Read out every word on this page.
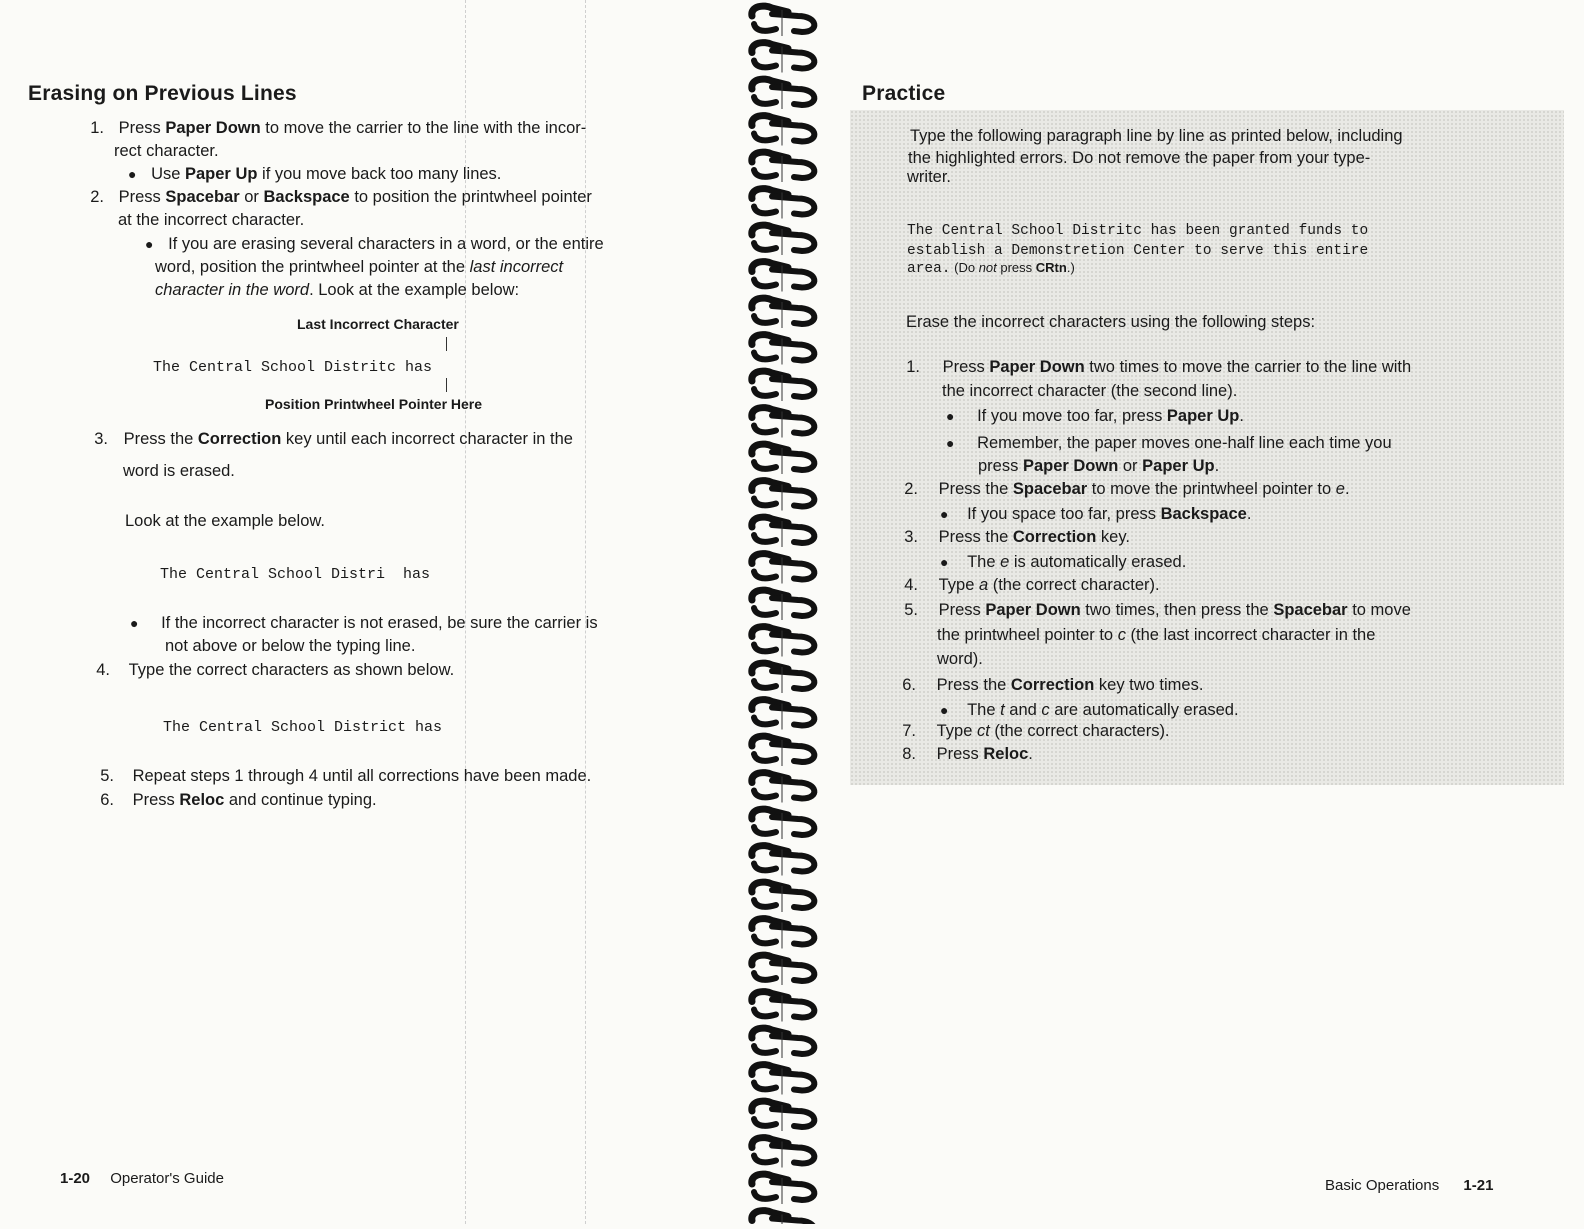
Erasing on Previous Lines
1. Press Paper Down to move the carrier to the line with the incor-
rect character.
● Use Paper Up if you move back too many lines.
2. Press Spacebar or Backspace to position the printwheel pointer
at the incorrect character.
● If you are erasing several characters in a word, or the entire
word, position the printwheel pointer at the last incorrect
character in the word. Look at the example below:
Last Incorrect Character
The Central School Distritc has
Position Printwheel Pointer Here
3. Press the Correction key until each incorrect character in the
word is erased.
Look at the example below.
The Central School Distri  has
● If the incorrect character is not erased, be sure the carrier is
not above or below the typing line.
4. Type the correct characters as shown below.
The Central School District has
5. Repeat steps 1 through 4 until all corrections have been made.
6. Press Reloc and continue typing.
1-20 Operator's Guide
Practice
Type the following paragraph line by line as printed below, including
the highlighted errors. Do not remove the paper from your type-
writer.
The Central School Distritc has been granted funds to
establish a Demonstretion Center to serve this entire
area. (Do not press CRtn.)
Erase the incorrect characters using the following steps:
1. Press Paper Down two times to move the carrier to the line with
the incorrect character (the second line).
● If you move too far, press Paper Up.
● Remember, the paper moves one-half line each time you
press Paper Down or Paper Up.
2. Press the Spacebar to move the printwheel pointer to e.
● If you space too far, press Backspace.
3. Press the Correction key.
● The e is automatically erased.
4. Type a (the correct character).
5. Press Paper Down two times, then press the Spacebar to move
the printwheel pointer to c (the last incorrect character in the
word).
6. Press the Correction key two times.
● The t and c are automatically erased.
7. Type ct (the correct characters).
8. Press Reloc.
Basic Operations 1-21
